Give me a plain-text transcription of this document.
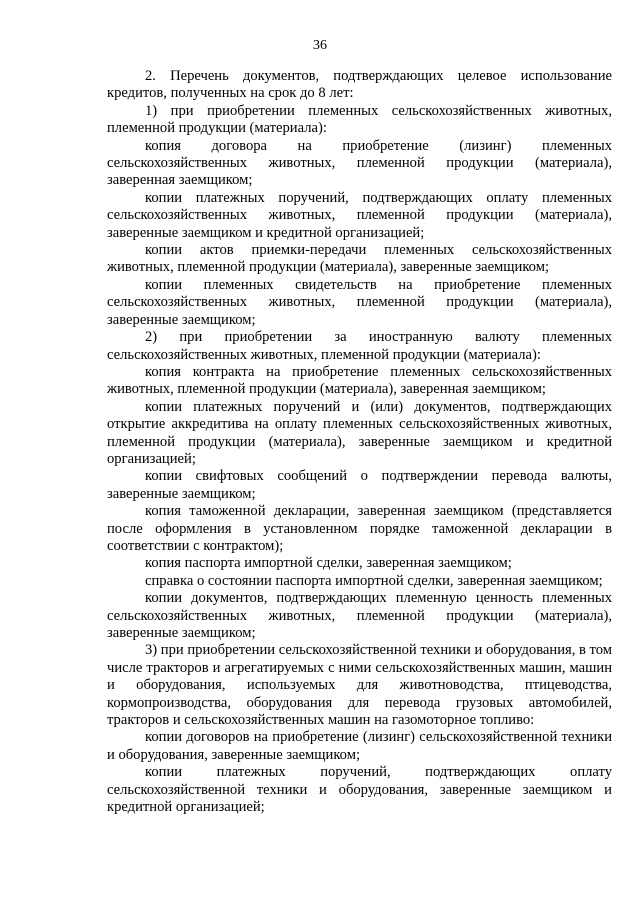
36

2. Перечень документов, подтверждающих целевое использование кредитов, полученных на срок до 8 лет:

1) при приобретении племенных сельскохозяйственных животных, племенной продукции (материала):

копия договора на приобретение (лизинг) племенных сельскохозяйственных животных, племенной продукции (материала), заверенная заемщиком;

копии платежных поручений, подтверждающих оплату племенных сельскохозяйственных животных, племенной продукции (материала), заверенные заемщиком и кредитной организацией;

копии актов приемки-передачи племенных сельскохозяйственных животных, племенной продукции (материала), заверенные заемщиком;

копии племенных свидетельств на приобретение племенных сельскохозяйственных животных, племенной продукции (материала), заверенные заемщиком;

2) при приобретении за иностранную валюту племенных сельскохозяйственных животных, племенной продукции (материала):

копия контракта на приобретение племенных сельскохозяйственных животных, племенной продукции (материала), заверенная заемщиком;

копии платежных поручений и (или) документов, подтверждающих открытие аккредитива на оплату племенных сельскохозяйственных животных, племенной продукции (материала), заверенные заемщиком и кредитной организацией;

копии свифтовых сообщений о подтверждении перевода валюты, заверенные заемщиком;

копия таможенной декларации, заверенная заемщиком (представляется после оформления в установленном порядке таможенной декларации в соответствии с контрактом);

копия паспорта импортной сделки, заверенная заемщиком;

справка о состоянии паспорта импортной сделки, заверенная заемщиком;

копии документов, подтверждающих племенную ценность племенных сельскохозяйственных животных, племенной продукции (материала), заверенные заемщиком;

3) при приобретении сельскохозяйственной техники и оборудования, в том числе тракторов и агрегатируемых с ними сельскохозяйственных машин, машин и оборудования, используемых для животноводства, птицеводства, кормопроизводства, оборудования для перевода грузовых автомобилей, тракторов и сельскохозяйственных машин на газомоторное топливо:

копии договоров на приобретение (лизинг) сельскохозяйственной техники и оборудования, заверенные заемщиком;

копии платежных поручений, подтверждающих оплату сельскохозяйственной техники и оборудования, заверенные заемщиком и кредитной организацией;
